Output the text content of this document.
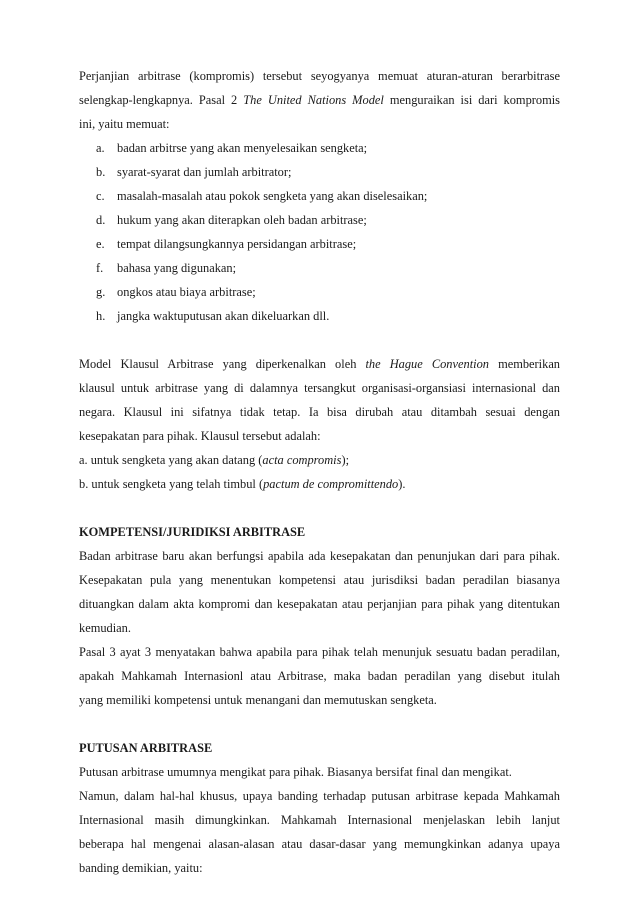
Perjanjian arbitrase (kompromis) tersebut seyogyanya memuat aturan-aturan berarbitrase
selengkap-lengkapnya. Pasal 2 The United Nations Model menguraikan isi dari kompromis
ini, yaitu memuat:
a. badan arbitrse yang akan menyelesaikan sengketa;
b. syarat-syarat dan jumlah arbitrator;
c. masalah-masalah atau pokok sengketa yang akan diselesaikan;
d. hukum yang akan diterapkan oleh badan arbitrase;
e. tempat dilangsungkannya persidangan arbitrase;
f. bahasa yang digunakan;
g. ongkos atau biaya arbitrase;
h. jangka waktuputusan akan dikeluarkan dll.
Model Klausul Arbitrase yang diperkenalkan oleh the Hague Convention memberikan
klausul untuk arbitrase yang di dalamnya tersangkut organisasi-organsiasi internasional dan
negara. Klausul ini sifatnya tidak tetap. Ia bisa dirubah atau ditambah sesuai dengan
kesepakatan para pihak. Klausul tersebut adalah:
a. untuk sengketa yang akan datang (acta compromis);
b. untuk sengketa yang telah timbul (pactum de compromittendo).

KOMPETENSI/JURIDIKSI ARBITRASE

Badan arbitrase baru akan berfungsi apabila ada kesepakatan dan penunjukan dari para pihak.
Kesepakatan pula yang menentukan kompetensi atau jurisdiksi badan peradilan biasanya
dituangkan dalam akta kompromi dan kesepakatan atau perjanjian para pihak yang ditentukan
kemudian.
Pasal 3 ayat 3 menyatakan bahwa apabila para pihak telah menunjuk sesuatu badan peradilan,
apakah Mahkamah Internasionl atau Arbitrase, maka badan peradilan yang disebut itulah
yang memiliki kompetensi untuk menangani dan memutuskan sengketa.

PUTUSAN ARBITRASE

Putusan arbitrase umumnya mengikat para pihak. Biasanya bersifat final dan mengikat.
Namun, dalam hal-hal khusus, upaya banding terhadap putusan arbitrase kepada Mahkamah
Internasional masih dimungkinkan. Mahkamah Internasional menjelaskan lebih lanjut
beberapa hal mengenai alasan-alasan atau dasar-dasar yang memungkinkan adanya upaya
banding demikian, yaitu:
